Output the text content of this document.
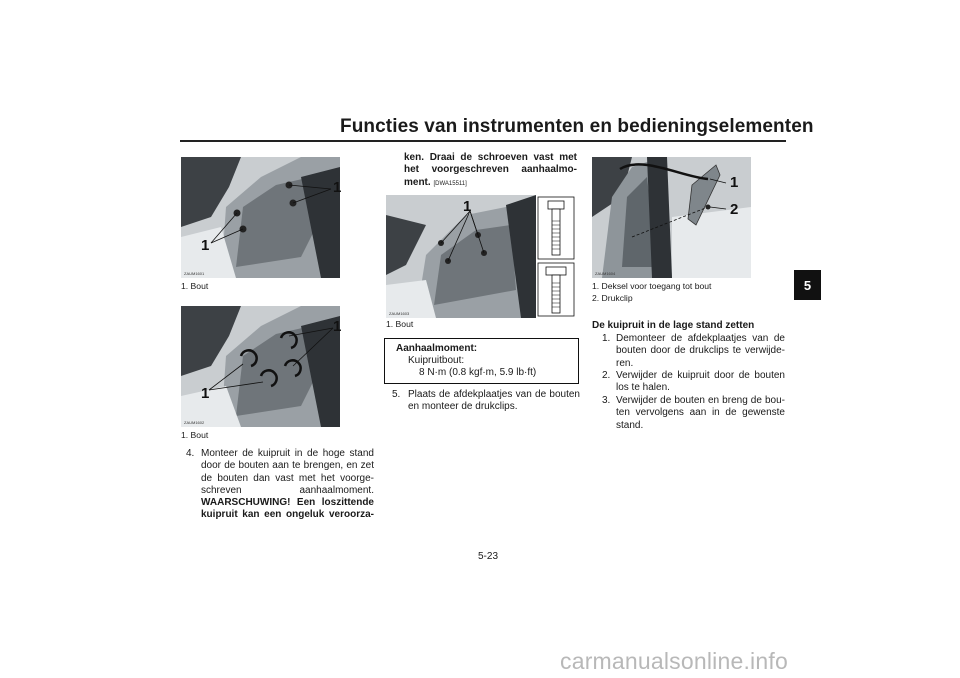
Functies van instrumenten en bedieningselementen
5
1
1
ZAUM1601
1. Bout
1
1
ZAUM1602
1. Bout
4. Monteer de kuipruit in de hoge stand
door de bouten aan te brengen, en zet
de bouten dan vast met het voorge-
schreven aanhaalmoment.
WAARSCHUWING! Een loszittende
kuipruit kan een ongeluk veroorza-
ken. Draai de schroeven vast met
het voorgeschreven aanhaalmo-
ment. [DWA15511]
1
ZAUM1603
1. Bout
Aanhaalmoment:
Kuipruitbout:
8 N·m (0.8 kgf·m, 5.9 lb·ft)
5. Plaats de afdekplaatjes van de bouten
en monteer de drukclips.
1
2
ZAUM1604
1. Deksel voor toegang tot bout
2. Drukclip
De kuipruit in de lage stand zetten
1. Demonteer de afdekplaatjes van de
bouten door de drukclips te verwijde-
ren.
2. Verwijder de kuipruit door de bouten
los te halen.
3. Verwijder de bouten en breng de bou-
ten vervolgens aan in de gewenste
stand.
5-23
carmanualsonline.info
